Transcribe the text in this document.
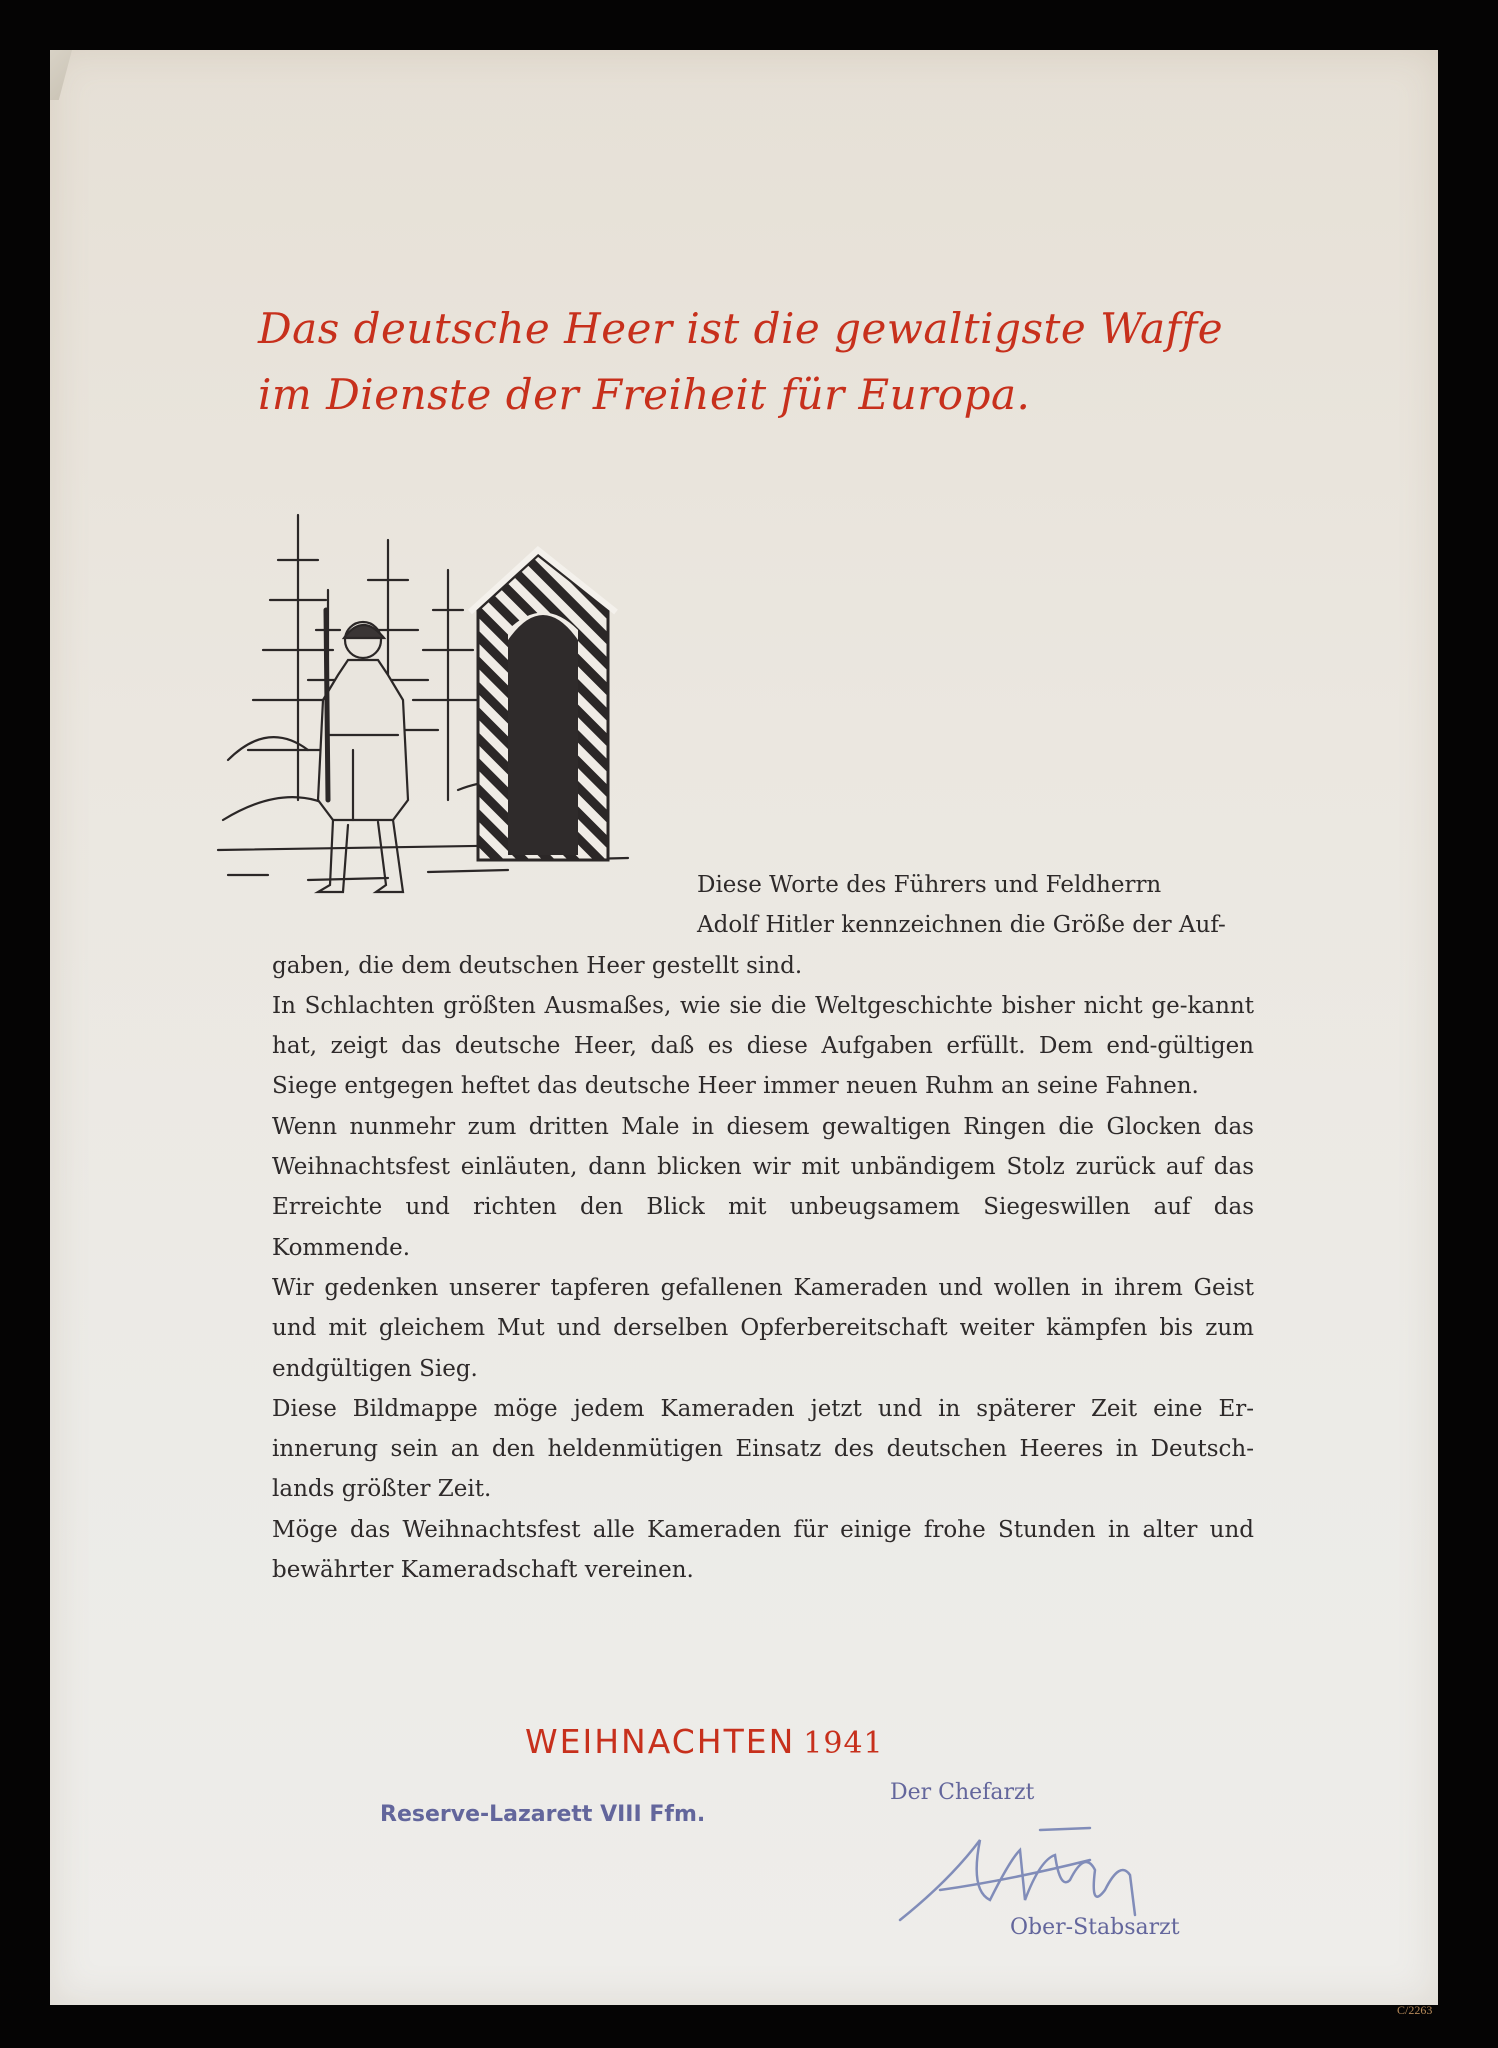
Das deutsche Heer ist die gewaltigste Waffe
im Dienste der Freiheit für Europa.

Diese Worte des Führers und Feldherrn
Adolf Hitler kennzeichnen die Größe der Auf-
gaben, die dem deutschen Heer gestellt sind.

In Schlachten größten Ausmaßes, wie sie die Weltgeschichte bisher nicht ge-kannt hat, zeigt das deutsche Heer, daß es diese Aufgaben erfüllt. Dem end-gültigen Siege entgegen heftet das deutsche Heer immer neuen Ruhm an seine Fahnen.

Wenn nunmehr zum dritten Male in diesem gewaltigen Ringen die Glocken das Weihnachtsfest einläuten, dann blicken wir mit unbändigem Stolz zurück auf das Erreichte und richten den Blick mit unbeugsamem Siegeswillen auf das Kommende.

Wir gedenken unserer tapferen gefallenen Kameraden und wollen in ihrem Geist und mit gleichem Mut und derselben Opferbereitschaft weiter kämpfen bis zum endgültigen Sieg.

Diese Bildmappe möge jedem Kameraden jetzt und in späterer Zeit eine Er-innerung sein an den heldenmütigen Einsatz des deutschen Heeres in Deutsch-lands größter Zeit.

Möge das Weihnachtsfest alle Kameraden für einige frohe Stunden in alter und bewährter Kameradschaft vereinen.

WEIHNACHTEN 1941
Reserve-Lazarett VIII Ffm.
Der Chefarzt
Ober-Stabsarzt
C/2263
